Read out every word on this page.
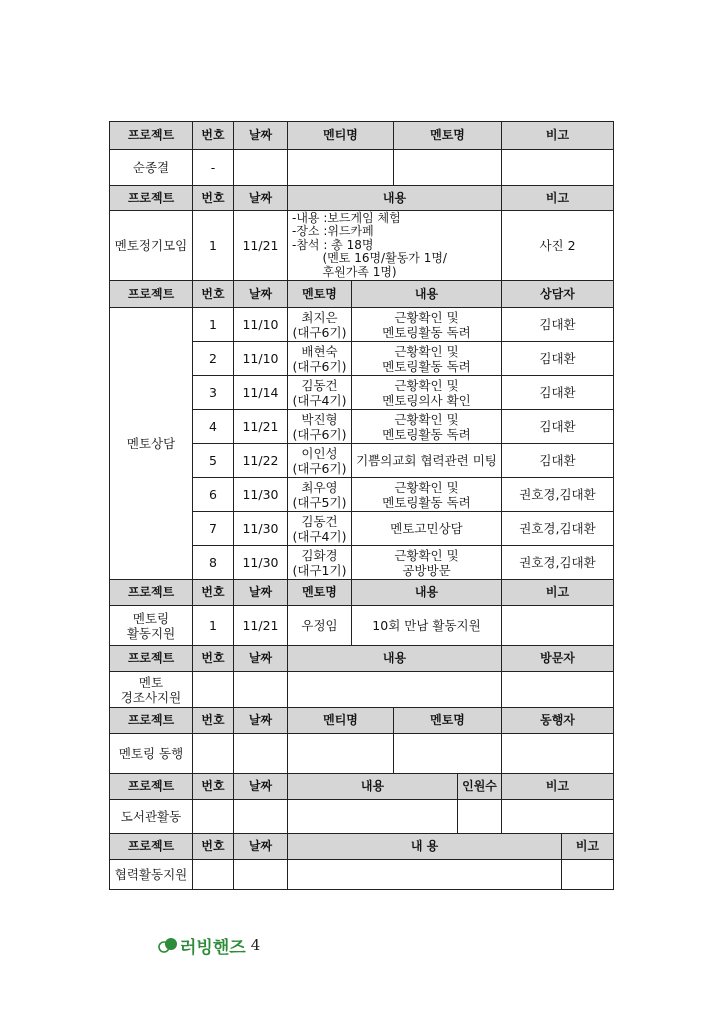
프로젝트	번호	날짜	멘티명		멘토명		비고	
순종결	-							
프로젝트	번호	날짜	내용				비고	
멘토정기모임	1	11/21	-내용 :보드게임 체험
-장소 :위드카페
-참석 : 총 18명
(멘토 16명/활동가 1명/
후원가족 1명)				사진 2	
프로젝트	번호	날짜	멘토명	내용			상담자	
멘토상담	1	11/10	최지은
(대구6기)	근황확인 및
멘토링활동 독려			김대환	
	2	11/10	배현숙
(대구6기)	근황확인 및
멘토링활동 독려			김대환	
	3	11/14	김동건
(대구4기)	근황확인 및
멘토링의사 확인			김대환	
	4	11/21	박진형
(대구6기)	근황확인 및
멘토링활동 독려			김대환	
	5	11/22	이인성
(대구6기)	기쁨의교회 협력관련 미팅			김대환	
	6	11/30	최우영
(대구5기)	근황확인 및
멘토링활동 독려			권호경,김대환	
	7	11/30	김동건
(대구4기)	멘토고민상담			권호경,김대환	
	8	11/30	김화경
(대구1기)	근황확인 및
공방방문			권호경,김대환	
프로젝트	번호	날짜	멘토명	내용			비고	

멘토링
활동지원	1	11/21	우정임	10회 만남 활동지원				
프로젝트	번호	날짜	내용				방문자	

멘토
경조사지원								

프로젝트	번호	날짜	멘티명		멘토명		동행자	
멘토링 동행								
프로젝트	번호	날짜	내용			인원수	비고	
도서관활동								
프로젝트	번호	날짜	내 용					비고
협력활동지원								
러빙핸즈 4
